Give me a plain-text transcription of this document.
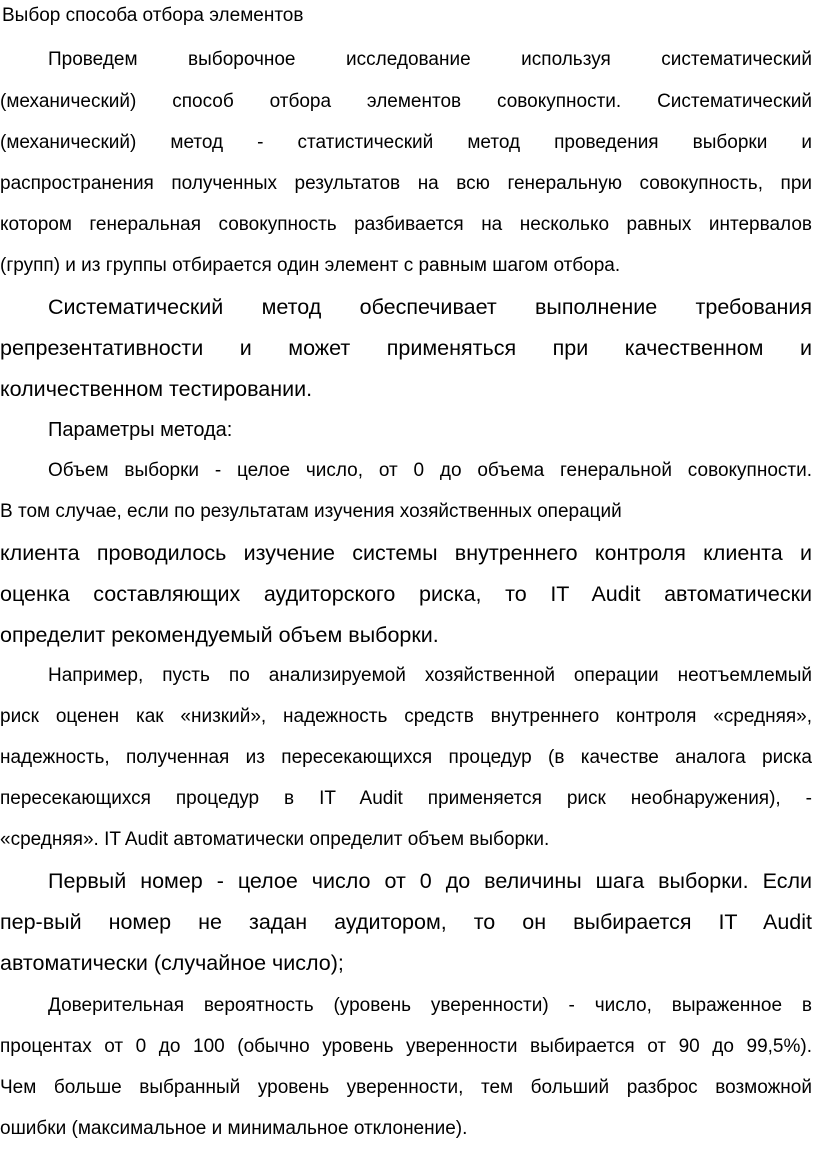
Выбор способа отбора элементов
Проведем выборочное исследование используя систематический
(механический) способ отбора элементов совокупности. Систематический
(механический) метод - статистический метод проведения выборки и
распространения полученных результатов на всю генеральную совокупность, при
котором генеральная совокупность разбивается на несколько равных интервалов
(групп) и из группы отбирается один элемент с равным шагом отбора.
Систематический метод обеспечивает выполнение требования
репрезентативности и может применяться при качественном и
количественном тестировании.
Параметры метода:
Объем выборки - целое число, от 0 до объема генеральной совокупности.
В том случае, если по результатам изучения хозяйственных операций
клиента проводилось изучение системы внутреннего контроля клиента и
оценка составляющих аудиторского риска, то IT Audit автоматически
определит рекомендуемый объем выборки.
Например, пусть по анализируемой хозяйственной операции неотъемлемый
риск оценен как «низкий», надежность средств внутреннего контроля «средняя»,
надежность, полученная из пересекающихся процедур (в качестве аналога риска
пересекающихся процедур в IT Audit применяется риск необнаружения), -
«средняя». IT Audit автоматически определит объем выборки.
Первый номер - целое число от 0 до величины шага выборки. Если
пер-вый номер не задан аудитором, то он выбирается IT Audit
автоматически (случайное число);
Доверительная вероятность (уровень уверенности) - число, выраженное в
процентах от 0 до 100 (обычно уровень уверенности выбирается от 90 до 99,5%).
Чем больше выбранный уровень уверенности, тем больший разброс возможной
ошибки (максимальное и минимальное отклонение).
